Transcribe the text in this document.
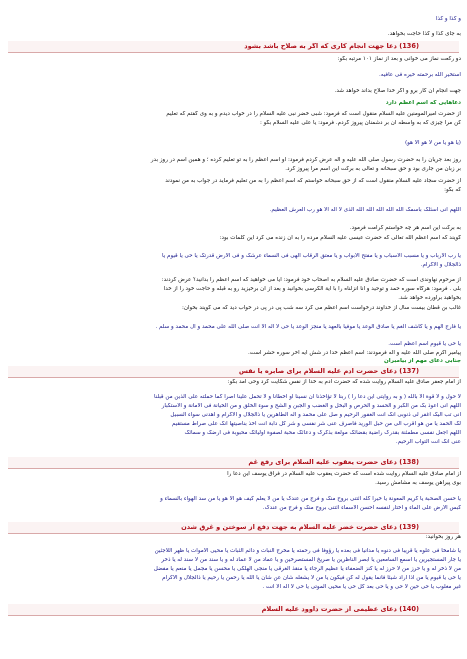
و کذا و کذا
به جای کذا و کذا حاجت بخواهد.
(136) دعا جهت انجام کاری که اگر به صلاح باشد بشود
دو رکعت نماز می خوانی و بعد از نماز ۱۰۱ مرتبه بگو:
استخیر الله برحمته خیره فی عافیه.
جهت انجام آن کار برو و اگر خدا صلاح بداند خواهد شد.
دعاهایی که اسم اعظم دارد
از حضرت امیرالمومنین علیه السلام منقول است که فرمود: شبی خضر نبی علیه السلام را در خواب دیدم و به وی گفتم که تعلیم
کن مرا چیزی که به واسطه آن بر دشمنان پیروز گردم. فرمود: یا علی علیه السلام بگو :
(یا هو یا من لا هو الا هو)
روز بعد جریان را به حضرت رسول صلی الله علیه و آله عرض کردم فرمود: او اسم اعظم را به تو تعلیم کرده ؛ و همین اسم در روز بدر
بر زبان من جاری بود و حق سبحانه و تعالی به برکت این اسم مرا پیروز کرد.
از حضرت سجاد علیه السلام منقول است که از حق سبحانه خواستم که اسم اعظم را به من تعلیم فرماید در جواب به من نمودند
که بگو:
اللهم انی اسئلک باسمک الله الله الله الله الله الذی لا اله الا هو رب العرش العظیم.
به برکت این اسم هر چه خواستم کرامت فرمود.
گویند که اسم اعظم الله تعالی که حضرت عیسی علیه السلام مرده را به آن زنده می کرد این کلمات بود:
یا رب الارباب و یا مسبب الاسباب و یا مفتح الابواب و یا معتق الرقاب الهی فی السماء عرشک و فی الارض قدرتک یا حی یا قیوم یا
ذالجلال و الاکرام.
از مرحوم نهاوندی است که حضرت صادق علیه السلام به اصحاب خود فرمود: آیا می خواهید که اسم اعظم را بدانید؟ عرض کردند:
بلی . فرمود: هرگاه سوره حمد و توحید و انا انزلناه را با آیة الکرسی بخوانید و بعد از آن برخیزید رو به قبله و حاجت خود را از خدا
بخواهید برآورده خواهد شد.
غالب بن قطان بیست سال از خداوند درخواست اسم اعظم می کرد سه شب پی در پی در خواب دید که می گویند بخوان:
یا فارج الهم و یا کاشف الغم یا صادق الوعد یا موفیا بالعهد یا منجز الوعد یا حی لا اله الا انت صلی الله علی محمد و ال محمد و سلم .
یا حی یا قیوم اسم اعظم است.
پیامبر اکرم صلی الله علیه و آله فرمودند: اسم اعظم خدا در شش آیه آخر سوره حشر است.
جنابی دعای مهم از بیامبران
(137) دعای حضرت آدم علیه السلام برای صابره یا نفس
از امام جعفر صادق علیه السلام روایت شده که حضرت آدم به خدا از نفس شکایت کرد وحی آمد بگو:
لا حول و لا قوة الا بالله ( و به روایتی این دعا را ) ربنا لا تؤاخذنا ان نسینا او اخطانا و لا تحمل علینا اصرا کما حملته علی الذین من قبلنا
اللهم انی اعوذ بک من الکبر و الحسد و الحرص و البخل و الغضب و الجبن و الشح و سوء الخلق و من الخیانة فی الامانة و الاستکبار
انی تب الیک اغفر لی ذنوبی انک انت الغفور الرحیم و صل علی محمد و آله الطاهرین یا ذالجلال و الاکرام و اهدنی سواء السبیل
لک الحمد یا من هو اقرب الی من حبل الورید فاصرف عنی شر نفسی و شر کل دابة انت آخذ بناصیتها انک علی صراط مستقیم
اللهم اجعل نفسی مطمئنة بقدرک راضیة بقضائک مولعة بذکرک و دعائک محبة لصفوة اولیائک محبوبة فی ارضک و سمائک
عنی انک انت التواب الرحیم.
(138) دعای حضرت یعقوب علیه السلام برای رفع غم
از امام صادق علیه السلام روایت شده است که حضرت یعقوب علیه السلام در فراق یوسف این دعا را
بوی پیراهن یوسف به مشامش رسید.
یا حسن الصحبة یا کریم المعونة یا خیرا کله ائتنی بروح منک و فرج من عندک یا من لا یعلم کیف هو الا هو یا من سد الهواء بالسماء و
کبس الارض علی الماء و اختار لنفسه احسن الاسماء ائتنی بروح منک و فرج من عندک.
(139) دعای حضرت خضر علیه السلام به جهت دفع از سوختن و غرق شدن
هر روز بخوانید:
یا شامخا فی علوه یا قریبا فی دنوه یا مدانیا فی بعده یا رؤوفا فی رحمته یا مخرج النبات و دائم الثبات یا محیی الاموات یا ظهر اللاجئین
یا جار المستجیرین یا اسمع السامعین یا ابصر الناظرین یا صریخ المستصرخین و یا عماد من لا عماد له و یا سند من لا سند له یا ذخر
من لا ذخر له و یا حرز من لا حرز له یا کنز الضعفاء یا عظیم الرجاء یا منقذ الغرقی یا منجی الهلکی یا محسن یا مجمل یا منعم یا مفضل
یا حی یا قیوم یا من اذا اراد شیئا فانما یقول له کن فیکون یا من لا یشغله شان عن شان یا الله یا رحمن یا رحیم یا ذالجلال و الاکرام
غیر مغلوب یا حی حین لا حی و یا حی بعد کل حی یا محیی الموتی یا حی لا اله الا انت .
(140) دعای عظیمی از حضرت داوود علیه السلام
